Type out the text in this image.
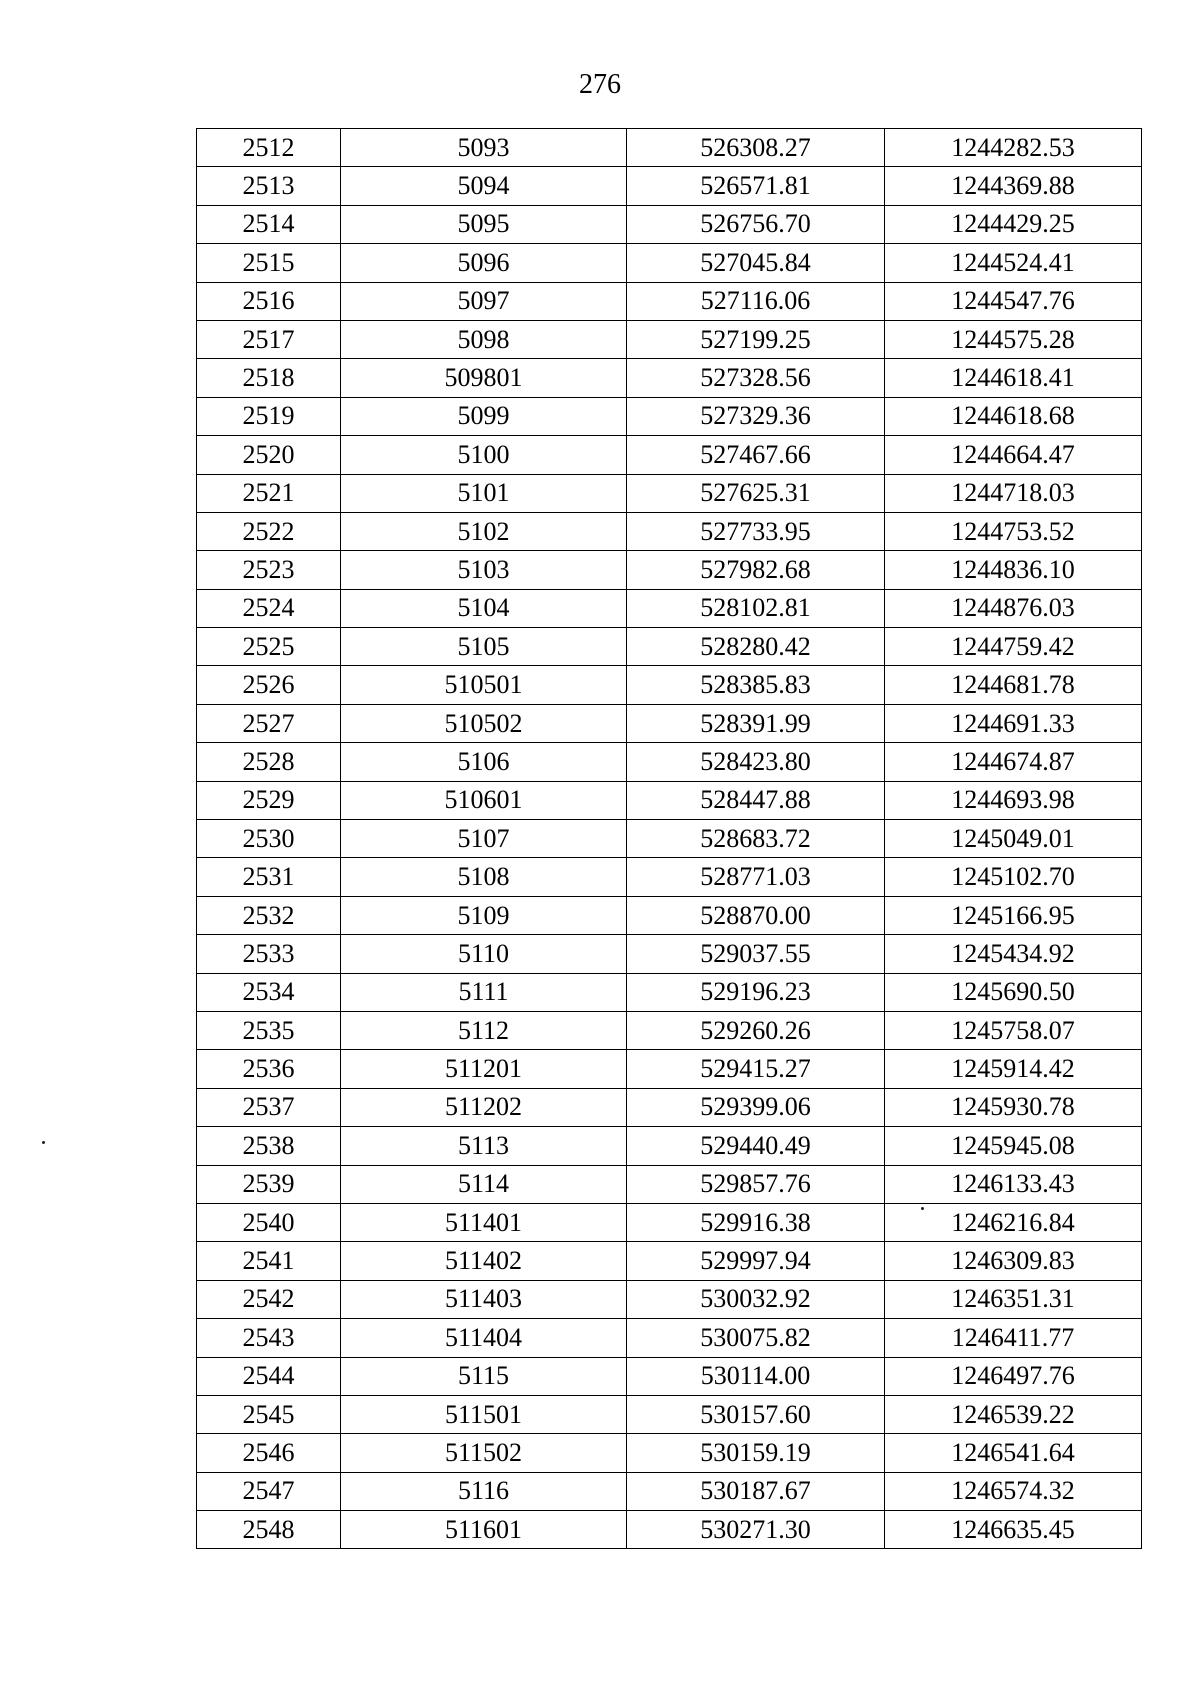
276
2512	5093	526308.27	1244282.53
2513	5094	526571.81	1244369.88
2514	5095	526756.70	1244429.25
2515	5096	527045.84	1244524.41
2516	5097	527116.06	1244547.76
2517	5098	527199.25	1244575.28
2518	509801	527328.56	1244618.41
2519	5099	527329.36	1244618.68
2520	5100	527467.66	1244664.47
2521	5101	527625.31	1244718.03
2522	5102	527733.95	1244753.52
2523	5103	527982.68	1244836.10
2524	5104	528102.81	1244876.03
2525	5105	528280.42	1244759.42
2526	510501	528385.83	1244681.78
2527	510502	528391.99	1244691.33
2528	5106	528423.80	1244674.87
2529	510601	528447.88	1244693.98
2530	5107	528683.72	1245049.01
2531	5108	528771.03	1245102.70
2532	5109	528870.00	1245166.95
2533	5110	529037.55	1245434.92
2534	5111	529196.23	1245690.50
2535	5112	529260.26	1245758.07
2536	511201	529415.27	1245914.42
2537	511202	529399.06	1245930.78
2538	5113	529440.49	1245945.08
2539	5114	529857.76	1246133.43
2540	511401	529916.38	1246216.84
2541	511402	529997.94	1246309.83
2542	511403	530032.92	1246351.31
2543	511404	530075.82	1246411.77
2544	5115	530114.00	1246497.76
2545	511501	530157.60	1246539.22
2546	511502	530159.19	1246541.64
2547	5116	530187.67	1246574.32
2548	511601	530271.30	1246635.45
